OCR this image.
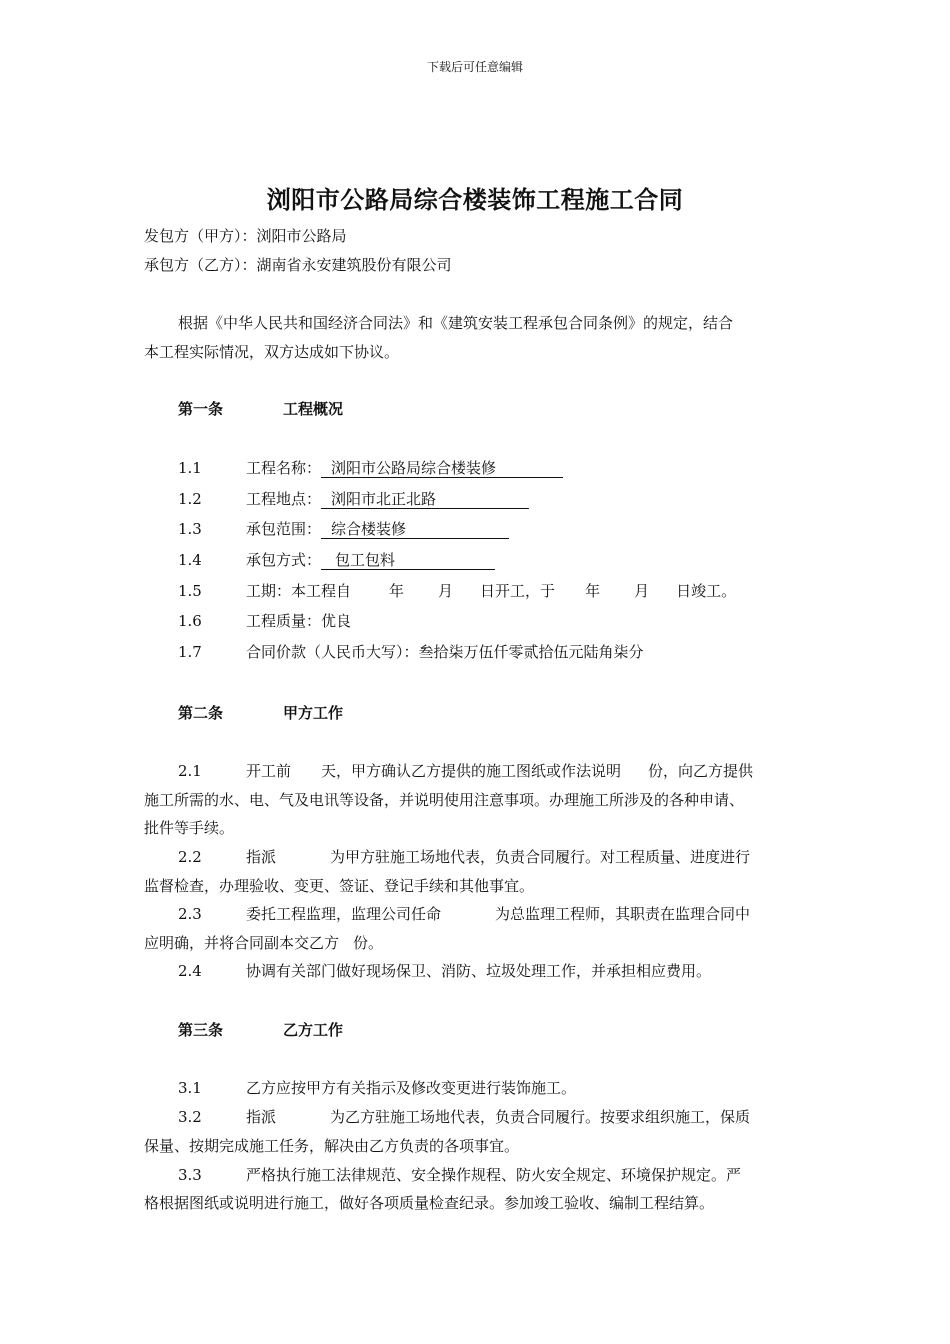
下载后可任意编辑
浏阳市公路局综合楼装饰工程施工合同
发包方（甲方）：浏阳市公路局
承包方（乙方）：湖南省永安建筑股份有限公司
根据《中华人民共和国经济合同法》和《建筑安装工程承包合同条例》的规定，结合
本工程实际情况，双方达成如下协议。
第一条	工程概况
1.1	工程名称： 浏阳市公路局综合楼装修
1.2	工程地点： 浏阳市北正北路
1.3	承包范围： 综合楼装修
1.4	承包方式： 包工包料
1.5	工期：本工程自	年 月 日开工，于 年 月 日竣工。
1.6	工程质量：优良
1.7	合同价款（人民币大写）：叁拾柒万伍仟零贰拾伍元陆角柒分
第二条	甲方工作
2.1	开工前 天，甲方确认乙方提供的施工图纸或作法说明 份，向乙方提供
施工所需的水、电、气及电讯等设备，并说明使用注意事项。办理施工所涉及的各种申请、
批件等手续。
2.2	指派	为甲方驻施工场地代表，负责合同履行。对工程质量、进度进行
监督检查，办理验收、变更、签证、登记手续和其他事宜。
2.3	委托工程监理，监理公司任命	为总监理工程师，其职责在监理合同中
应明确，并将合同副本交乙方 份。
2.4	协调有关部门做好现场保卫、消防、垃圾处理工作，并承担相应费用。
第三条	乙方工作
3.1	乙方应按甲方有关指示及修改变更进行装饰施工。
3.2	指派	为乙方驻施工场地代表，负责合同履行。按要求组织施工，保质
保量、按期完成施工任务，解决由乙方负责的各项事宜。
3.3	严格执行施工法律规范、安全操作规程、防火安全规定、环境保护规定。严
格根据图纸或说明进行施工，做好各项质量检查纪录。参加竣工验收、编制工程结算。
